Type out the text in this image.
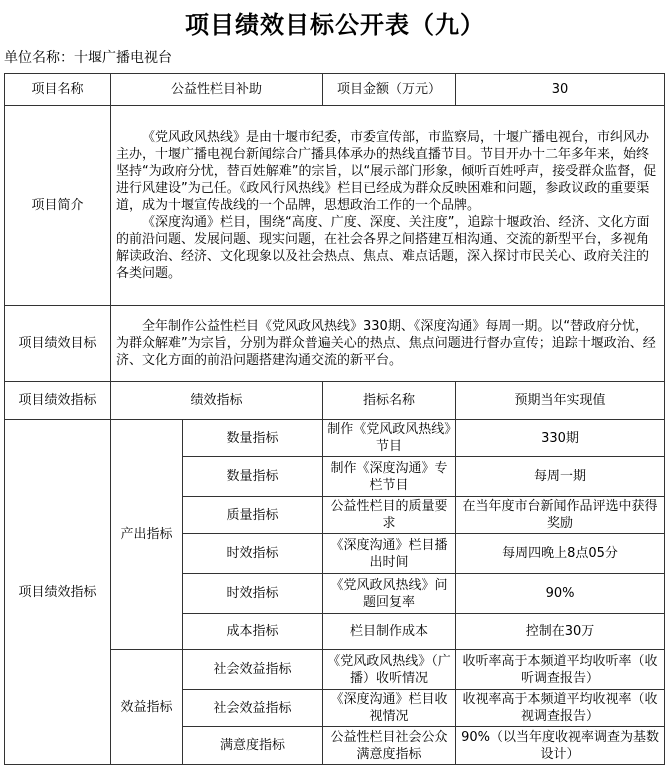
项目绩效目标公开表（九）
单位名称：十堰广播电视台
项目名称	公益性栏目补助		项目金额（万元）	30
项目简介	《党风政风热线》是由十堰市纪委，市委宣传部，市监察局，十堰广播电视台，市纠风办主办，十堰广播电视台新闻综合广播具体承办的热线直播节目。节目开办十二年多年来，始终坚持“为政府分忧，替百姓解难”的宗旨，以“展示部门形象，倾听百姓呼声，接受群众监督，促进行风建设”为己任。《政风行风热线》栏目已经成为群众反映困难和问题，参政议政的重要渠道，成为十堰宣传战线的一个品牌，思想政治工作的一个品牌。
《深度沟通》栏目，围绕“高度、广度、深度、关注度”，追踪十堰政治、经济、文化方面的前沿问题、发展问题、现实问题，在社会各界之间搭建互相沟通、交流的新型平台，多视角解读政治、经济、文化现象以及社会热点、焦点、难点话题，深入探讨市民关心、政府关注的各类问题。			

项目绩效目标	全年制作公益性栏目《党风政风热线》330期、《深度沟通》每周一期。以“替政府分忧，为群众解难”为宗旨，分别为群众普遍关心的热点、焦点问题进行督办宣传；追踪十堰政治、经济、文化方面的前沿问题搭建沟通交流的新平台。			

项目绩效指标	绩效指标		指标名称	预期当年实现值
项目绩效指标	产出指标	数量指标	制作《党风政风热线》节目	330期
		数量指标	制作《深度沟通》专栏节目	每周一期
		质量指标	公益性栏目的质量要求	在当年度市台新闻作品评选中获得奖励
		时效指标	《深度沟通》栏目播出时间	每周四晚上8点05分
		时效指标	《党风政风热线》问题回复率	90%
		成本指标	栏目制作成本	控制在30万
	效益指标	社会效益指标	《党风政风热线》（广播）收听情况	收听率高于本频道平均收听率（收听调查报告）
		社会效益指标	《深度沟通》栏目收视情况	收视率高于本频道平均收视率（收视调查报告）
		满意度指标	公益性栏目社会公众满意度指标	90%（以当年度收视率调查为基数设计）
